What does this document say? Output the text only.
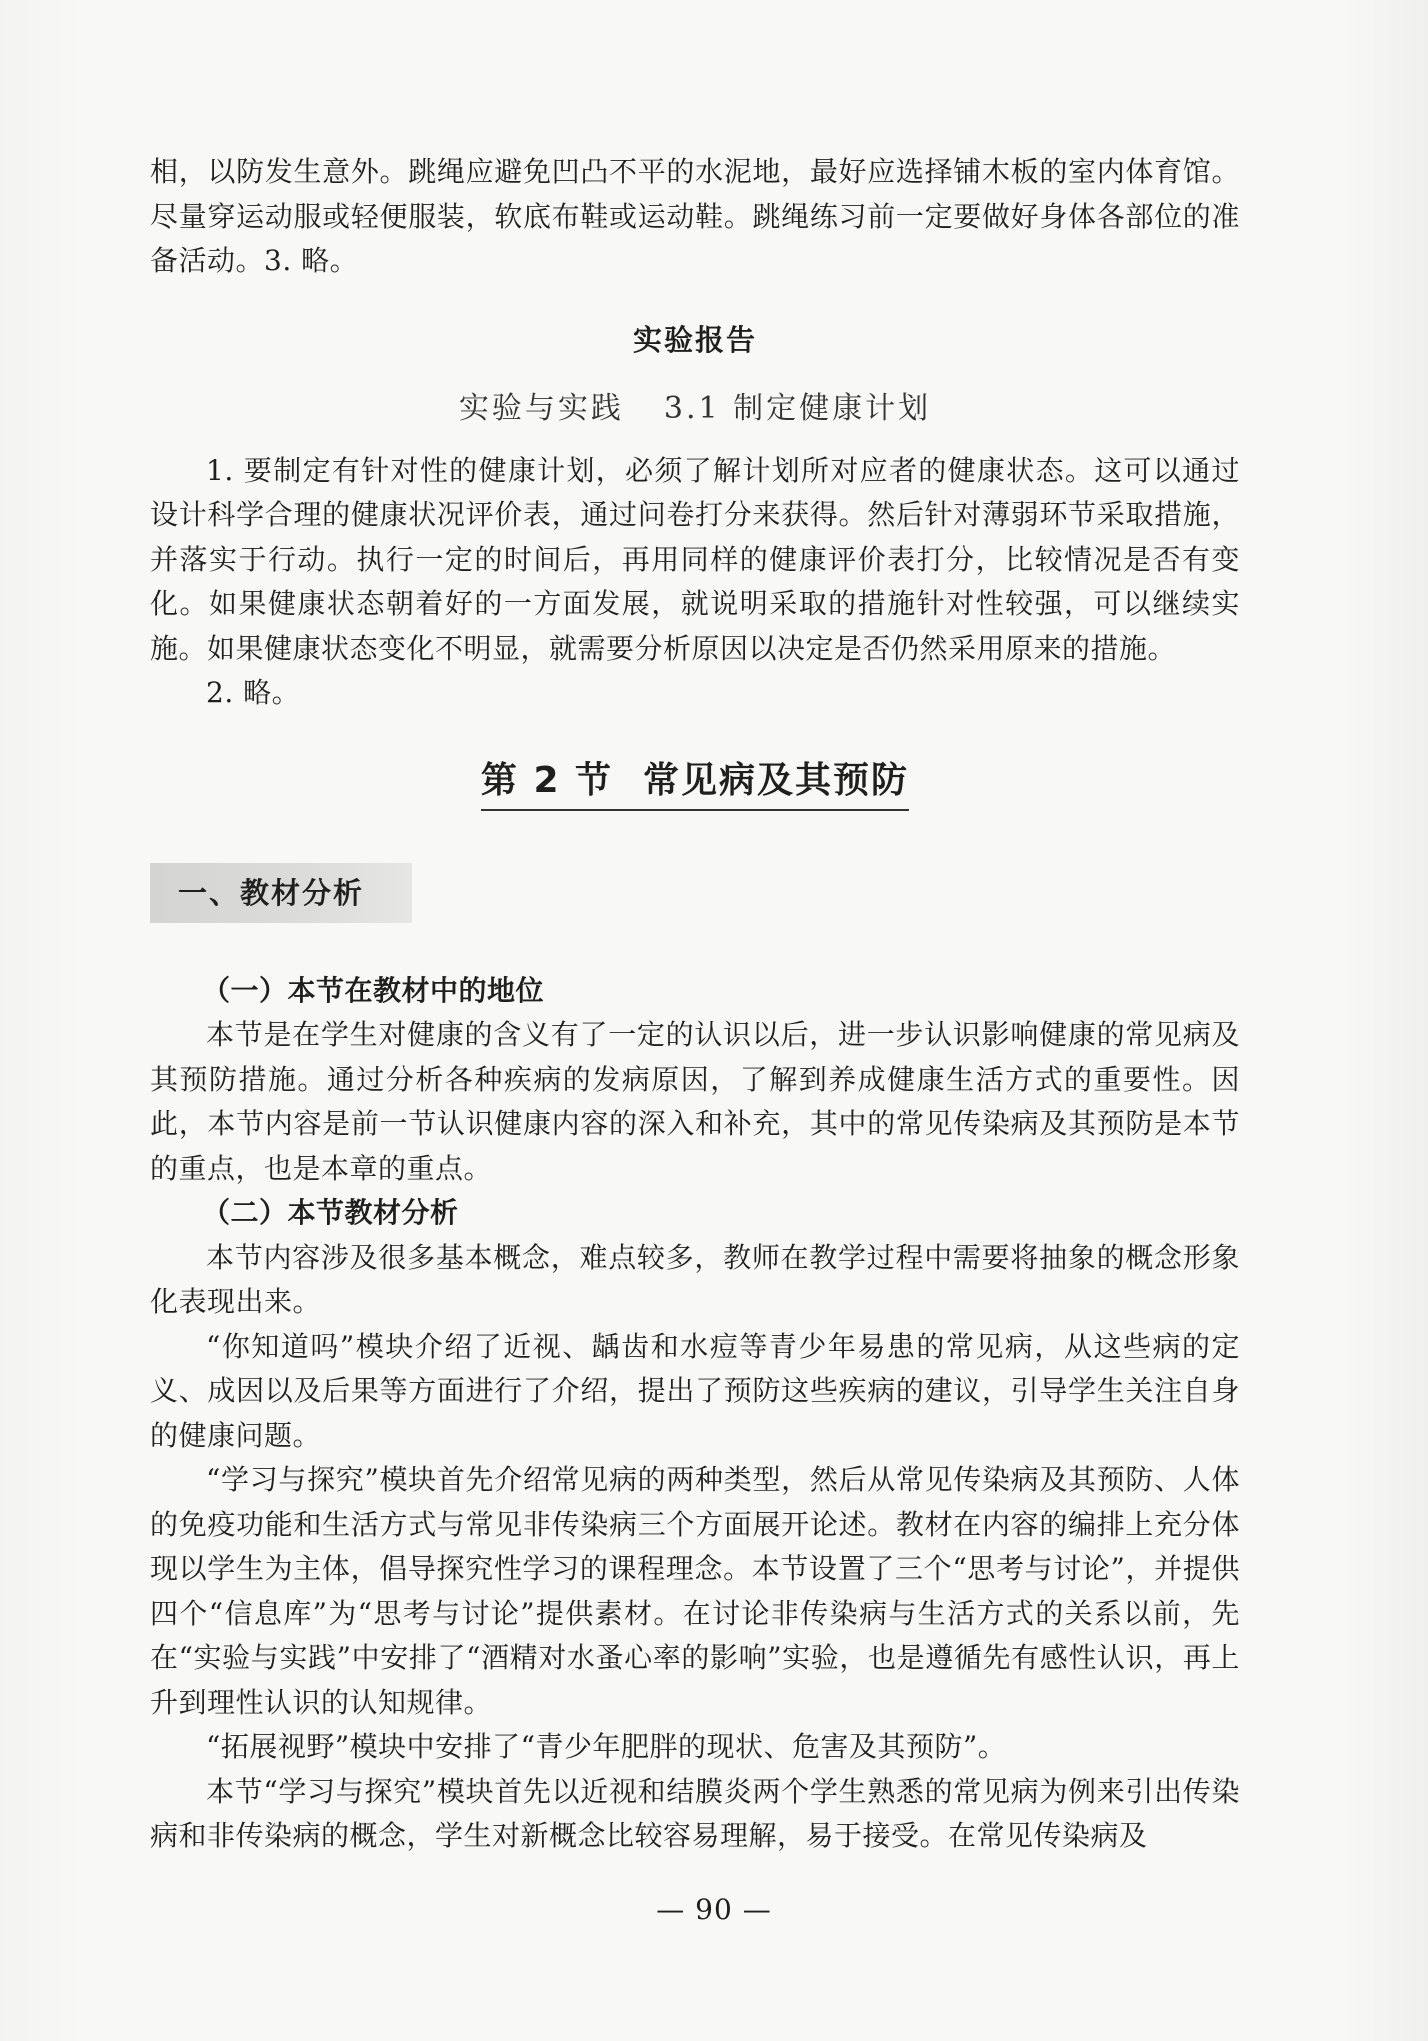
相，以防发生意外。跳绳应避免凹凸不平的水泥地，最好应选择铺木板的室内体育馆。尽量穿运动服或轻便服装，软底布鞋或运动鞋。跳绳练习前一定要做好身体各部位的准备活动。3. 略。

实验报告
实验与实践 3.1 制定健康计划

1. 要制定有针对性的健康计划，必须了解计划所对应者的健康状态。这可以通过设计科学合理的健康状况评价表，通过问卷打分来获得。然后针对薄弱环节采取措施，并落实于行动。执行一定的时间后，再用同样的健康评价表打分，比较情况是否有变化。如果健康状态朝着好的一方面发展，就说明采取的措施针对性较强，可以继续实施。如果健康状态变化不明显，就需要分析原因以决定是否仍然采用原来的措施。

2. 略。

第 2 节 常见病及其预防
一、教材分析

（一）本节在教材中的地位

本节是在学生对健康的含义有了一定的认识以后，进一步认识影响健康的常见病及其预防措施。通过分析各种疾病的发病原因，了解到养成健康生活方式的重要性。因此，本节内容是前一节认识健康内容的深入和补充，其中的常见传染病及其预防是本节的重点，也是本章的重点。

（二）本节教材分析

本节内容涉及很多基本概念，难点较多，教师在教学过程中需要将抽象的概念形象化表现出来。

“你知道吗”模块介绍了近视、龋齿和水痘等青少年易患的常见病，从这些病的定义、成因以及后果等方面进行了介绍，提出了预防这些疾病的建议，引导学生关注自身的健康问题。

“学习与探究”模块首先介绍常见病的两种类型，然后从常见传染病及其预防、人体的免疫功能和生活方式与常见非传染病三个方面展开论述。教材在内容的编排上充分体现以学生为主体，倡导探究性学习的课程理念。本节设置了三个“思考与讨论”，并提供四个“信息库”为“思考与讨论”提供素材。在讨论非传染病与生活方式的关系以前，先在“实验与实践”中安排了“酒精对水蚤心率的影响”实验，也是遵循先有感性认识，再上升到理性认识的认知规律。

“拓展视野”模块中安排了“青少年肥胖的现状、危害及其预防”。

本节“学习与探究”模块首先以近视和结膜炎两个学生熟悉的常见病为例来引出传染病和非传染病的概念，学生对新概念比较容易理解，易于接受。在常见传染病及

— 90 —
